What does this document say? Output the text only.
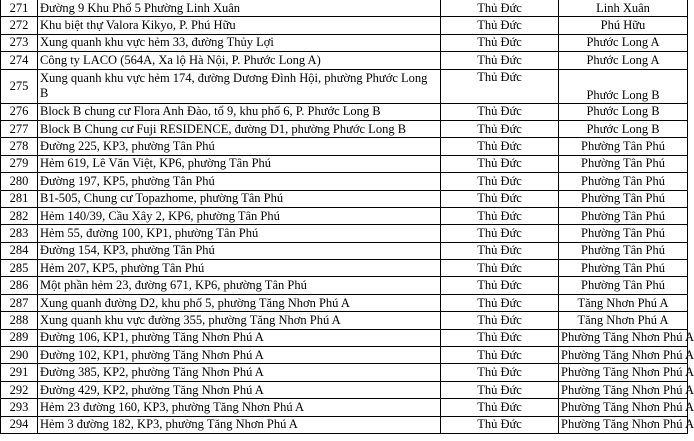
271	Đường 9 Khu Phố 5 Phường Linh Xuân	Thủ Đức	Linh Xuân
272	Khu biệt thự Valora Kikyo, P. Phú Hữu	Thủ Đức	Phú Hữu
273	Xung quanh khu vực hẻm 33, đường Thủy Lợi	Thủ Đức	Phước Long A
274	Công ty LACO (564A, Xa lộ Hà Nội, P. Phước Long A)	Thủ Đức	Phước Long A
275	Xung quanh khu vực hẻm 174, đường Dương Đình Hội, phường Phước Long B	Thủ Đức	Phước Long B
276	Block B chung cư Flora Anh Đào, tổ 9, khu phố 6, P. Phước Long B	Thủ Đức	Phước Long B
277	Block B Chung cư Fuji RESIDENCE, đường D1, phường Phước Long B	Thủ Đức	Phước Long B
278	Đường 225, KP3, phường Tân Phú	Thủ Đức	Phường Tân Phú
279	Hẻm 619, Lê Văn Việt, KP6, phường Tân Phú	Thủ Đức	Phường Tân Phú
280	Đường 197, KP5, phường Tân Phú	Thủ Đức	Phường Tân Phú
281	B1-505, Chung cư Topazhome, phường Tân Phú	Thủ Đức	Phường Tân Phú
282	Hẻm 140/39, Cầu Xây 2, KP6, phường Tân Phú	Thủ Đức	Phường Tân Phú
283	Hẻm 55, đường 100, KP1, phường Tân Phú	Thủ Đức	Phường Tân Phú
284	Đường 154, KP3, phường Tân Phú	Thủ Đức	Phường Tân Phú
285	Hẻm 207, KP5, phường Tân Phú	Thủ Đức	Phường Tân Phú
286	Một phần hẻm 23, đường 671, KP6, phường Tân Phú	Thủ Đức	Phường Tân Phú
287	Xung quanh đường D2, khu phố 5, phường Tăng Nhơn Phú A	Thủ Đức	Tăng Nhơn Phú A
288	Xung quanh khu vực đường 355, phường Tăng Nhơn Phú A	Thủ Đức	Tăng Nhơn Phú A
289	Đường 106, KP1, phường Tăng Nhơn Phú A	Thủ Đức	Phường Tăng Nhơn Phú A
290	Đường 102, KP1, phường Tăng Nhơn Phú A	Thủ Đức	Phường Tăng Nhơn Phú A
291	Đường 385, KP2, phường Tăng Nhơn Phú A	Thủ Đức	Phường Tăng Nhơn Phú A
292	Đường 429, KP2, phường Tăng Nhơn Phú A	Thủ Đức	Phường Tăng Nhơn Phú A
293	Hẻm 23 đường 160, KP3, phường Tăng Nhơn Phú A	Thủ Đức	Phường Tăng Nhơn Phú A
294	Hẻm 3 đường 182, KP3, phường Tăng Nhơn Phú A	Thủ Đức	Phường Tăng Nhơn Phú A
